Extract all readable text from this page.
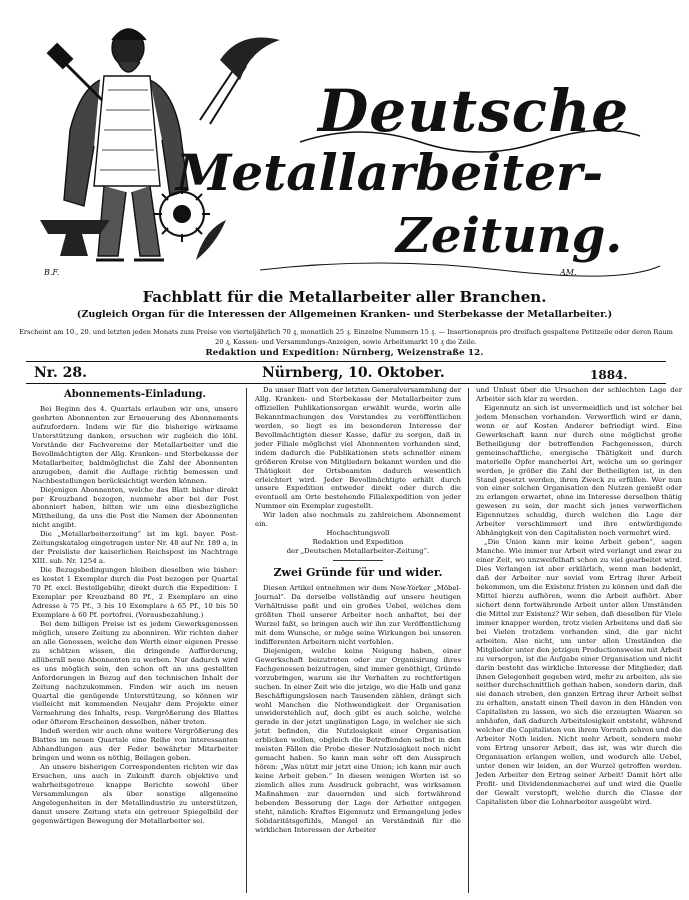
Deutsche
Metallarbeiter-
Zeitung.
B.F.	AM.
Fachblatt für die Metallarbeiter aller Branchen.
(Zugleich Organ für die Interessen der Allgemeinen Kranken- und Sterbekasse der Metallarbeiter.)
Erscheint am 10., 20. und letzten jeden Monats zum Preise von vierteljährlich 70 ₰, monatlich 25 ₰. Einzelne Nummern 15 ₰. — Insertionspreis pro dreifach gespaltene Petitzeile oder deren Raum 20 ₰, Kassen- und Versammlungs-Anzeigen, sowie Arbeitsmarkt 10 ₰ die Zeile.
Redaktion und Expedition: Nürnberg, Weizenstraße 12.
Nr. 28.	Nürnberg, 10. Oktober.	1884.
Abonnements-Einladung.

Bei Beginn des 4. Quartals erlauben wir uns, unsere geehrten Abonnenten zur Erneuerung des Abonnements aufzufordern. Indem wir für die bisherige wirksame Unterstützung danken, ersuchen wir zugleich die löbl. Vorstände der Fachvereine der Metallarbeiter und die Bevollmächtigten der Allg. Kranken- und Sterbekasse der Metallarbeiter, baldmöglichst die Zahl der Abonnenten anzugeben, damit die Auflage richtig bemessen und Nachbestellungen berücksichtigt werden können.

Diejenigen Abonnenten, welche das Blatt bisher direkt per Kreuzband bezogen, nunmehr aber bei der Post abonniert haben, bitten wir um eine diesbezügliche Mittheilung, da uns die Post die Namen der Abonnenten nicht angibt.

Die „Metallarbeiterzeitung“ ist im kgl. bayer. Post-Zeitungskatalog eingetragen unter Nr. 48 auf Nr. 189 a, in der Preisliste der kaiserlichen Reichspost im Nachtrage XIII. sub. Nr. 1254 a.

Die Bezugsbedingungen bleiben dieselben wie bisher: es kostet 1 Exemplar durch die Post bezogen per Quartal 70 Pf. excl. Bestellgebühr, direkt durch die Expedition: 1 Exemplar per Kreuzband 80 Pf., 2 Exemplare an eine Adresse à 75 Pf., 3 bis 10 Exemplare à 65 Pf., 10 bis 50 Exemplare à 60 Pf. portofrei. (Vorausbezahlung.)

Bei dem billigen Preise ist es jedem Gewerksgenossen möglich, unsere Zeitung zu abonniren. Wir richten daher an alle Genossen, welche den Werth einer eigenen Presse zu schätzen wissen, die dringende Aufforderung, allüberall neue Abonnenten zu werben. Nur dadurch wird es uns möglich sein, den schon oft an uns gestellten Anforderungen in Bezug auf den technischen Inhalt der Zeitung nachzukommen. Finden wir auch im neuen Quartal die genügende Unterstützung, so können wir vielleicht mit kommenden Neujahr dem Projekte einer Vermehrung des Inhalts, resp. Vergrößerung des Blattes oder öfterem Erscheinen desselben, näher treten.

Indeß werden wir auch ohne weitere Vergrößerung des Blattes im neuen Quartale eine Reihe von interessanten Abhandlungen aus der Feder bewährter Mitarbeiter bringen und wenn es nöthig, Beilagen geben.

An unsere bisherigen Correspondenten richten wir das Ersuchen, uns auch in Zukunft durch objektive und wahrheitsgetreue knappe Berichte sowohl über Versammlungen als über sonstige allgemeine Angelegenheiten in der Metallindustrie zu unterstützen, damit unsere Zeitung stets ein getreuer Spiegelbild der gegenwärtigen Bewegung der Metallarbeiter sei.

Da unser Blatt von der letzten Generalversammlung der Allg. Kranken- und Sterbekasse der Metallarbeiter zum offiziellen Publikationsorgan erwählt wurde, worin alle Bekanntmachungen des Vorstandes zu veröffentlichen werden, so liegt es im besonderen Interesse der Bevollmächtigten dieser Kasse, dafür zu sorgen, daß in jeder Filiale möglichst viel Abonnenten vorhanden sind, indem dadurch die Publikationen stets schneller einem größeren Kreise von Mitgliedern bekannt werden und die Thätigkeit der Ortsbeamten dadurch wesentlich erleichtert wird. Jeder Bevollmächtigte erhält durch unsere Expedition entweder direkt oder durch die eventuell am Orte bestehende Filialexpedition von jeder Nummer ein Exemplar zugestellt.

Wir laden also nochmals zu zahlreichem Abonnement ein.

Hochachtungsvoll
Redaktion und Expedition
der „Deutschen Metallarbeiter-Zeitung“.
Zwei Gründe für und wider.

Diesen Artikel entnehmen wir dem New-Yorker „Möbel-Journal“. Da derselbe vollständig auf unsere heutigen Verhältnisse paßt und ein großes Uebel, welches dem größten Theil unserer Arbeiter noch anhaftet, bei der Wurzel faßt, so bringen auch wir ihn zur Veröffentlichung mit dem Wunsche, er möge seine Wirkungen bei unseren indifferenten Arbeitern nicht verfehlen.

Diejenigen, welche keine Neigung haben, einer Gewerkschaft beizutreten oder zur Organisirung ihres Fachgenossen beizutragen, sind immer genöthigt, Gründe vorzubringen, warum sie ihr Verhalten zu rechtfertigen suchen. In einer Zeit wie die jetzige, wo die Halb und ganz Beschäftigungslosen nach Tausenden zählen, drängt sich wohl Manchen die Nothwendigkeit der Organisation unwiderstehlich auf, doch gibt es auch solche, welche gerade in der jetzt ungünstigen Lage, in welcher sie sich jetzt befinden, die Nutzlosigkeit einer Organisation erblicken wollen, obgleich die Betreffenden selbst in den meisten Fällen die Probe dieser Nutzlosigkeit noch nicht gemacht haben. So kann man sehr oft den Ausspruch hören: „Was nützt mir jetzt eine Union; ich kann mir auch keine Arbeit geben.“ In diesen wenigen Worten ist so ziemlich alles zum Ausdruck gebracht, was wirksamen Maßnahmen zur dauernden und sich fortwährend hebenden Besserung der Lage der Arbeiter entgegen steht, nämlich: Kraftes Eigennutz und Ermangelung jedes Solidaritätsgefühls, Mangel an Verständniß für die wirklichen Interessen der Arbeiter

und Unlust über die Ursachen der schlechten Lage der Arbeiter sich klar zu werden.

Eigennutz an sich ist unvermeidlich und ist solcher bei jedem Menschen vorhanden. Verwerflich wird er dann, wenn er auf Kosten Anderer befriedigt wird. Eine Gewerkschaft kann nur durch eine möglichst große Betheiligung der betreffenden Fachgenossen, durch gemeinschaftliche, energische Thätigkeit und durch materielle Opfer mancherlei Art, welche um so geringer werden, je größer die Zahl der Betheiligten ist, in den Stand gesetzt werden, ihren Zweck zu erfüllen. Wer nun von einer solchen Organisation den Nutzen genießt oder zu erlangen erwartet, ohne im Interesse derselben thätig gewesen zu sein, der macht sich jenes verwerflichen Eigennutzes schuldig, durch welchen die Lage der Arbeiter verschlimmert und ihre entwürdigende Abhängigkeit von den Capitalisten noch vermehrt wird.

„Die Union kann mir keine Arbeit geben“, sagen Manche. Wie immer nur Arbeit wird verlangt und zwar zu einer Zeit, wo unzweifelhaft schon zu viel gearbeitet wird. Dies Verlangen ist aber erklärlich, wenn man bedenkt, daß der Arbeiter nur soviel vom Ertrag ihrer Arbeit bekommen, um die Existenz fristen zu können und daß die Mittel hierzu aufhören, wenn die Arbeit aufhört. Aber sichert denn fortwährende Arbeit unter allen Umständen die Mittel zur Existenz? Wir sehen, daß dieselben für Viele immer knapper werden, trotz vielen Arbeitens und daß sie bei Vielen trotzdem vorhanden sind, die gar nicht arbeiten. Also nicht, um unter allen Umständen die Mitglieder unter den jetzigen Productionsweise mit Arbeit zu versorgen, ist die Aufgabe einer Organisation und nicht darin besteht das wirkliche Interesse der Mitglieder, daß ihnen Gelegenheit gegeben wird, mehr zu arbeiten, als sie seither durchschnittlich gethan haben, sondern darin, daß sie danach streben, den ganzen Ertrag ihrer Arbeit selbst zu erhalten, anstatt einen Theil davon in den Händen von Capitalisten zu lassen, wo sich die erzeugten Waaren so anhäufen, daß dadurch Arbeitslosigkeit entsteht, während welcher die Capitalisten von ihrem Vorrath zehren und die Arbeiter Noth leiden. Nicht mehr Arbeit, sondern mehr vom Ertrag unserer Arbeit, das ist, was wir durch die Organisation erlangen wollen, und wodurch alle Uebel, unter denen wir leiden, an der Wurzel getroffen werden. Jeden Arbeiter den Ertrag seiner Arbeit! Damit hört alle Profit- und Dividendenmacherei auf und wird die Quelle der Gewalt verstopft, welche durch die Classe der Capitalisten über die Lohnarbeiter ausgeübt wird.
